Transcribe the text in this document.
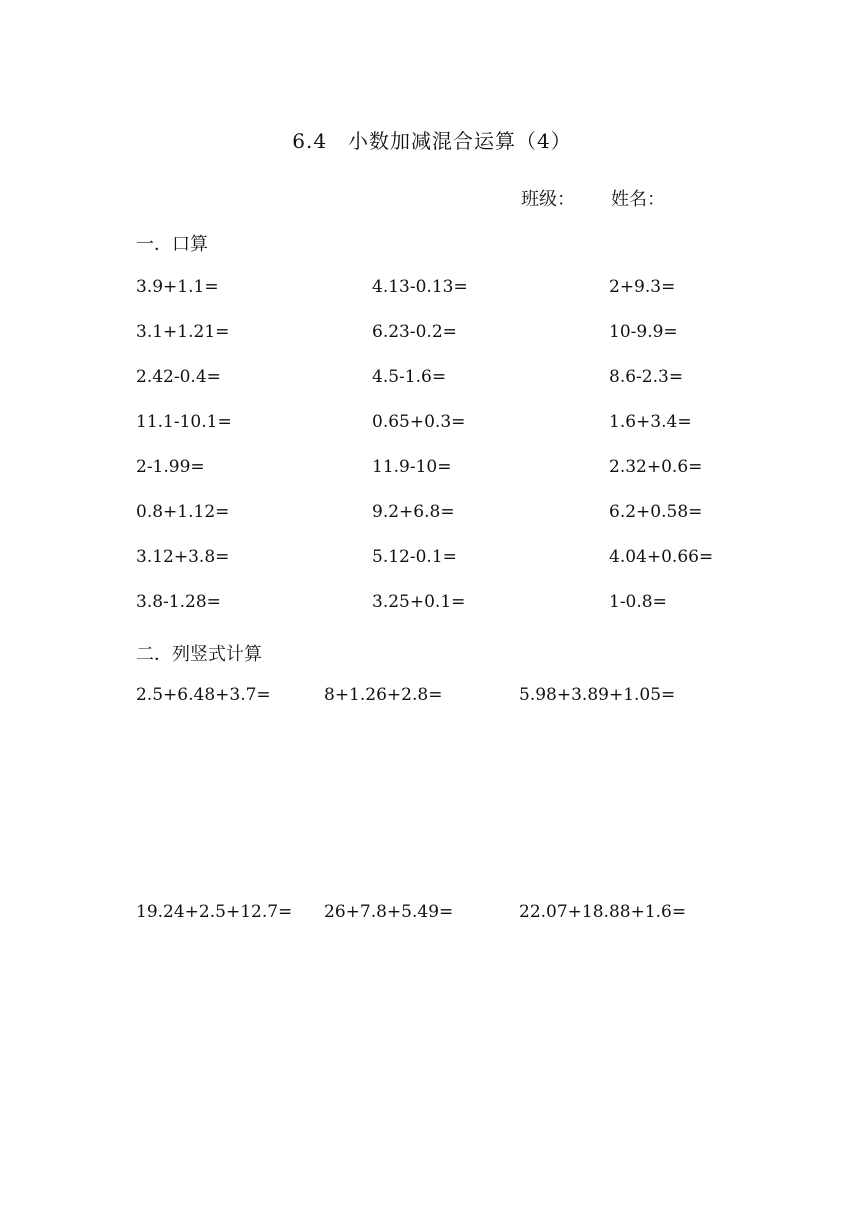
6.4　小数加减混合运算（4）
班级： 姓名：
一．口算
3.9+1.1=	4.13-0.13=	2+9.3=
3.1+1.21=	6.23-0.2=	10-9.9=
2.42-0.4=	4.5-1.6=	8.6-2.3=
11.1-10.1=	0.65+0.3=	1.6+3.4=
2-1.99=	11.9-10=	2.32+0.6=
0.8+1.12=	9.2+6.8=	6.2+0.58=
3.12+3.8=	5.12-0.1=	4.04+0.66=
3.8-1.28=	3.25+0.1=	1-0.8=
二．列竖式计算
2.5+6.48+3.7=	8+1.26+2.8=	5.98+3.89+1.05=
19.24+2.5+12.7= 26+7.8+5.49=	22.07+18.88+1.6=
